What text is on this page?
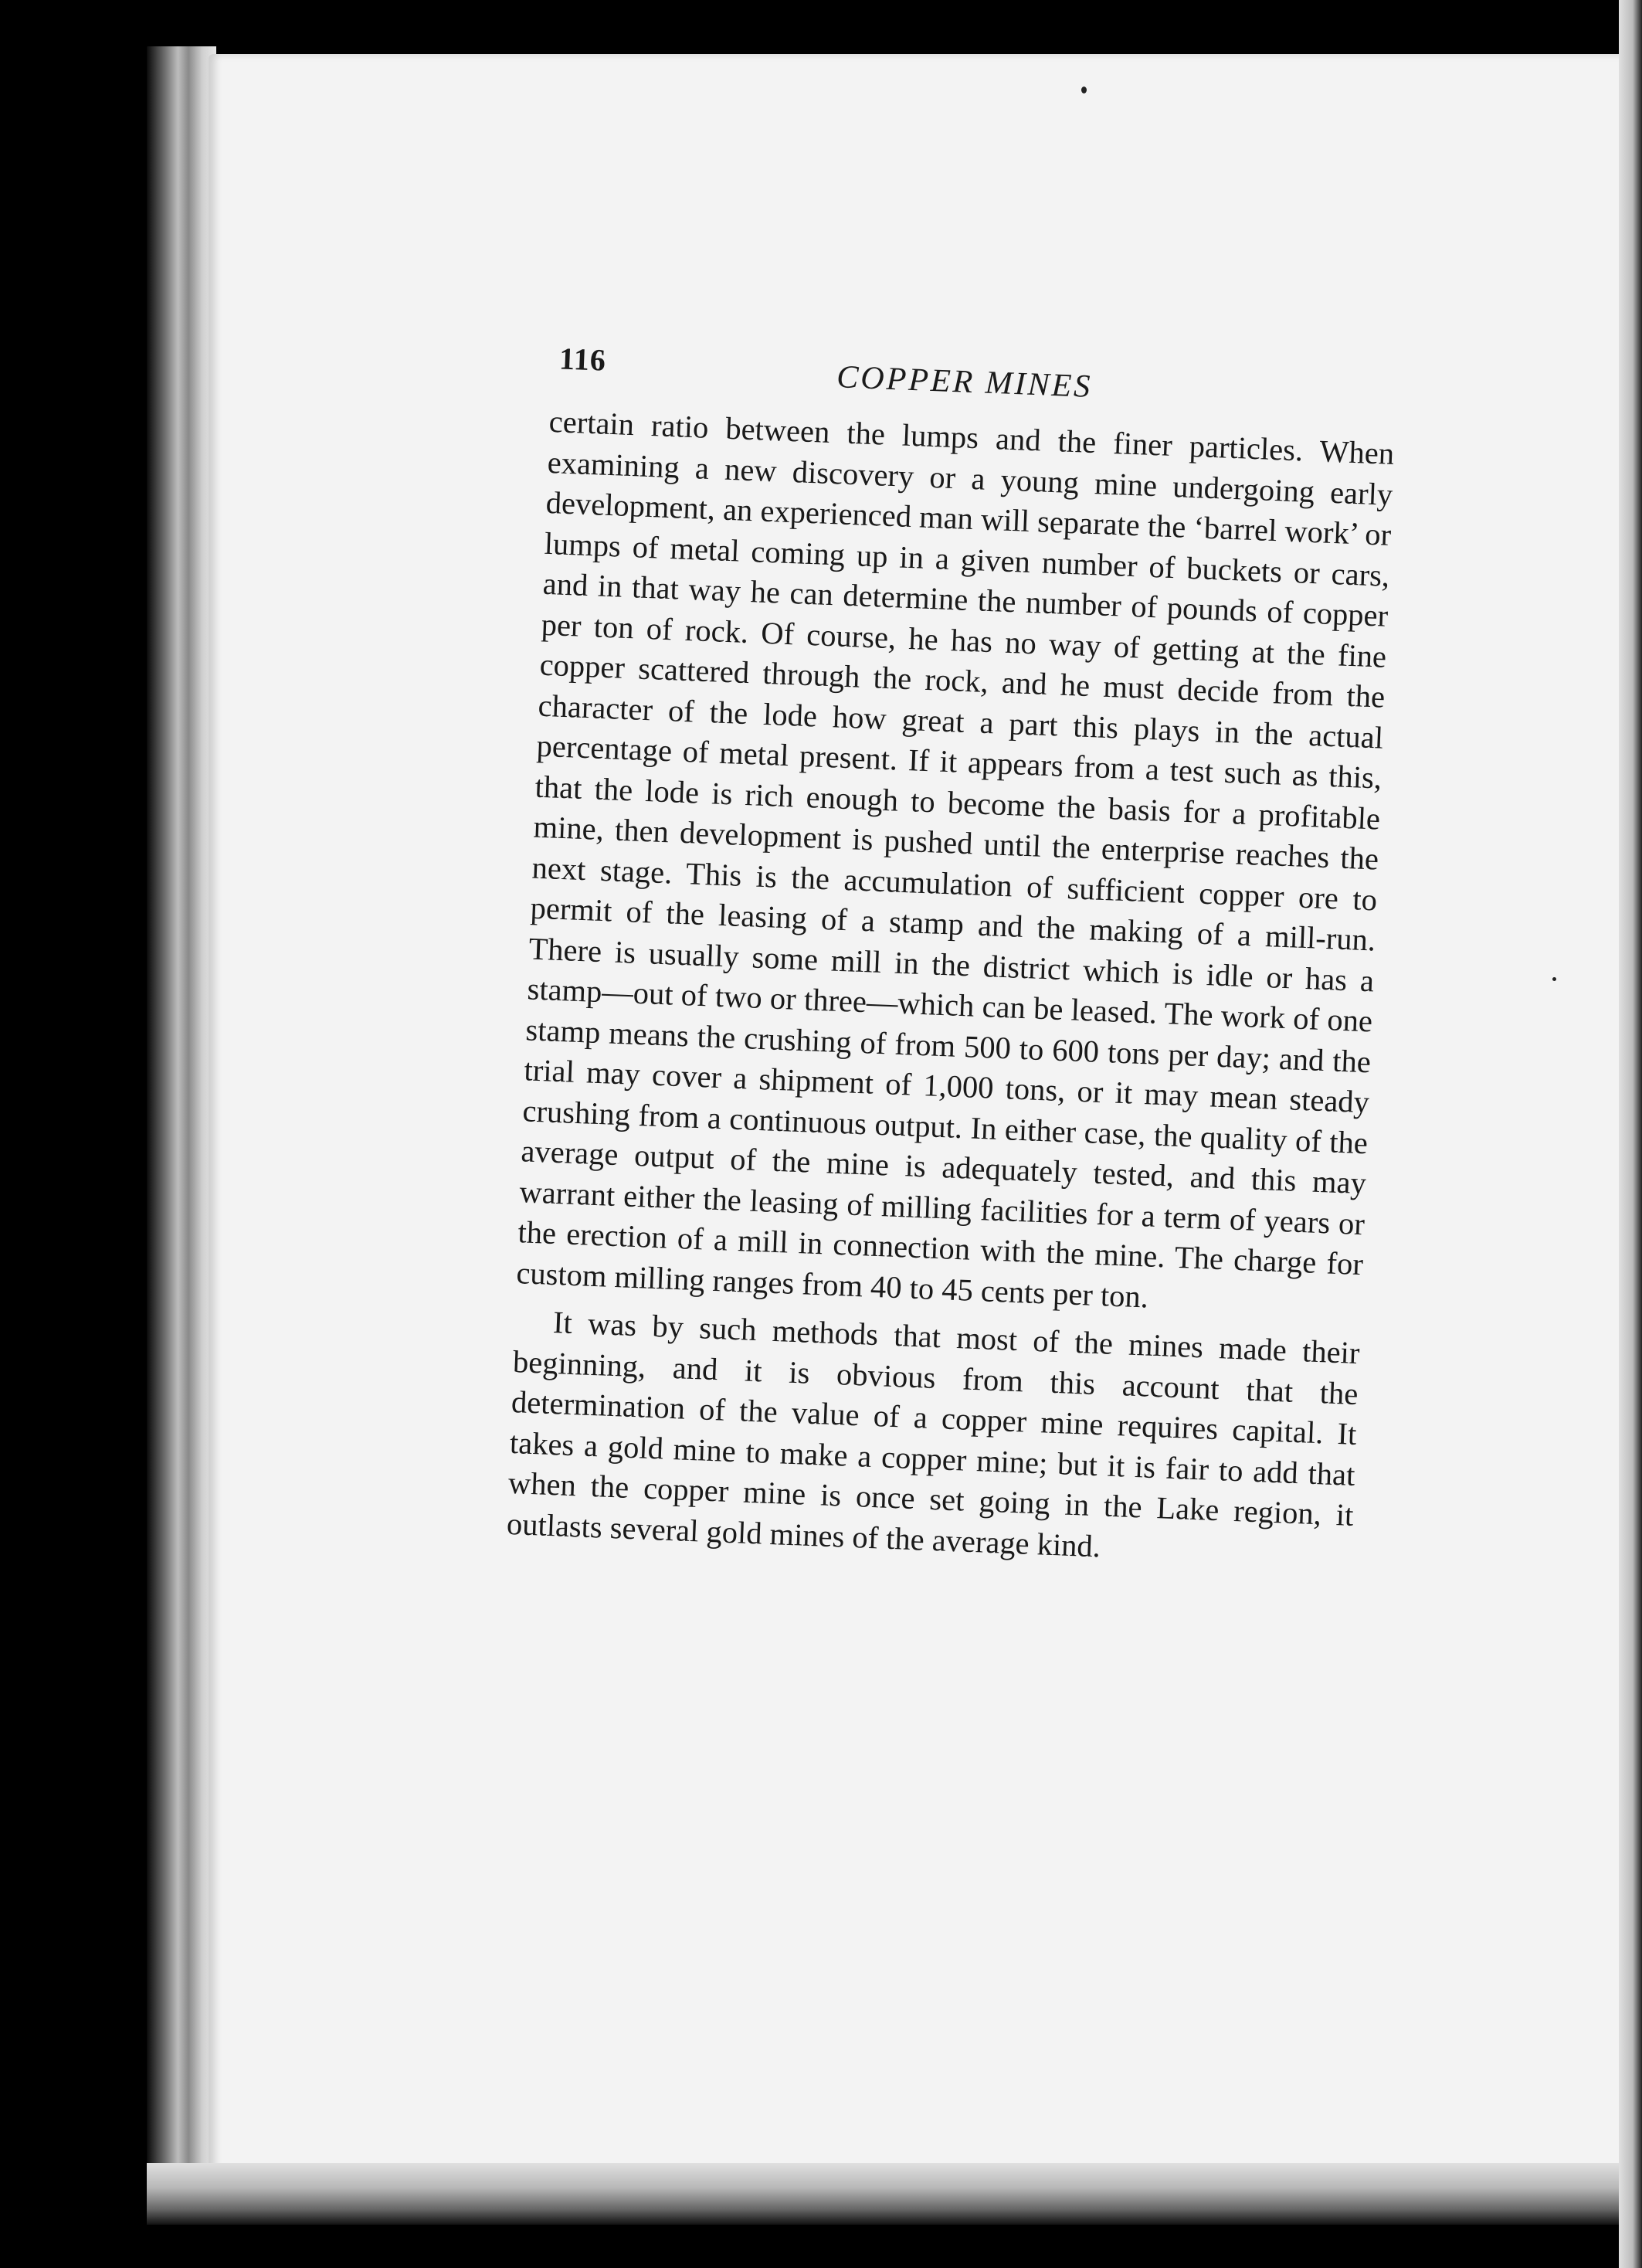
116
COPPER MINES

certain ratio between the lumps and the finer particles. When examining a new discovery or a young mine undergoing early development, an experienced man will separate the ‘barrel work’ or lumps of metal coming up in a given number of buckets or cars, and in that way he can determine the number of pounds of copper per ton of rock. Of course, he has no way of getting at the fine copper scattered through the rock, and he must decide from the character of the lode how great a part this plays in the actual percentage of metal present. If it appears from a test such as this, that the lode is rich enough to become the basis for a profitable mine, then development is pushed until the enterprise reaches the next stage. This is the accumulation of sufficient copper ore to permit of the leasing of a stamp and the making of a mill-run. There is usually some mill in the district which is idle or has a stamp—out of two or three—which can be leased. The work of one stamp means the crushing of from 500 to 600 tons per day; and the trial may cover a shipment of 1,000 tons, or it may mean steady crushing from a continuous output. In either case, the quality of the average output of the mine is adequately tested, and this may warrant either the leasing of milling facilities for a term of years or the erection of a mill in connection with the mine. The charge for custom milling ranges from 40 to 45 cents per ton.

It was by such methods that most of the mines made their beginning, and it is obvious from this account that the determination of the value of a copper mine requires capital. It takes a gold mine to make a copper mine; but it is fair to add that when the copper mine is once set going in the Lake region, it outlasts several gold mines of the average kind.
